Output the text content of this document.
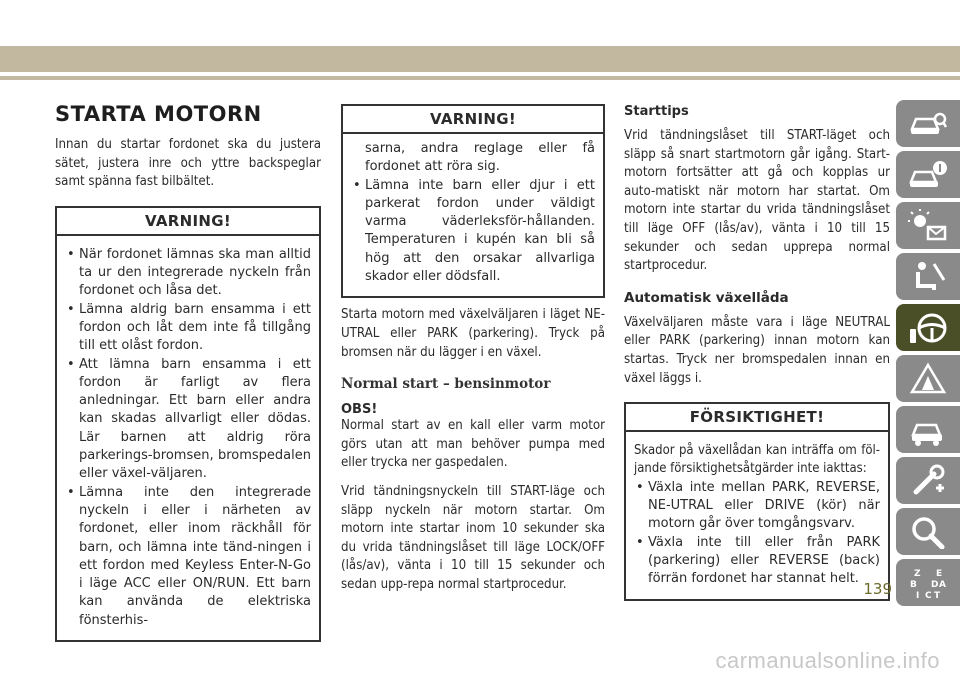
STARTA MOTORN

Innan du startar fordonet ska du justera sätet, justera inre och yttre backspeglar samt spänna fast bilbältet.

VARNING!
• När fordonet lämnas ska man alltid ta ur den integrerade nyckeln från fordonet och låsa det.
• Lämna aldrig barn ensamma i ett fordon och låt dem inte få tillgång till ett olåst fordon.
• Att lämna barn ensamma i ett fordon är farligt av flera anledningar. Ett barn eller andra kan skadas allvarligt eller dödas. Lär barnen att aldrig röra parkerings-bromsen, bromspedalen eller växel-väljaren.
• Lämna inte den integrerade nyckeln i eller i närheten av fordonet, eller inom räckhåll för barn, och lämna inte tänd-ningen i ett fordon med Keyless Enter-N-Go i läge ACC eller ON/RUN. Ett barn kan använda de elektriska fönsterhis-
VARNING!
sarna, andra reglage eller få fordonet att röra sig.
• Lämna inte barn eller djur i ett parkerat fordon under väldigt varma väderleksför-hållanden. Temperaturen i kupén kan bli så hög att den orsakar allvarliga skador eller dödsfall.

Starta motorn med växelväljaren i läget NE-UTRAL eller PARK (parkering). Tryck på bromsen när du lägger i en växel.

Normal start – bensinmotor
OBS!

Normal start av en kall eller varm motor görs utan att man behöver pumpa med eller trycka ner gaspedalen.

Vrid tändningsnyckeln till START-läge och släpp nyckeln när motorn startar. Om motorn inte startar inom 10 sekunder ska du vrida tändningslåset till läge LOCK/OFF (lås/av), vänta i 10 till 15 sekunder och sedan upp-repa normal startprocedur.

Starttips

Vrid tändningslåset till START-läget och släpp så snart startmotorn går igång. Start-motorn fortsätter att gå och kopplas ur auto-matiskt när motorn har startat. Om motorn inte startar du vrida tändningslåset till läge OFF (lås/av), vänta i 10 till 15 sekunder och sedan upprepa normal startprocedur.

Automatisk växellåda

Växelväljaren måste vara i läge NEUTRAL eller PARK (parkering) innan motorn kan startas. Tryck ner bromspedalen innan en växel läggs i.

FÖRSIKTIGHET!

Skador på växellådan kan inträffa om föl-jande försiktighetsåtgärder inte iakttas:

• Växla inte mellan PARK, REVERSE, NE-UTRAL eller DRIVE (kör) när motorn går över tomgångsvarv.
• Växla inte till eller från PARK (parkering) eller REVERSE (back) förrän fordonet har stannat helt.	Z E
B A
D
I C T
139
carmanualsonline.info
